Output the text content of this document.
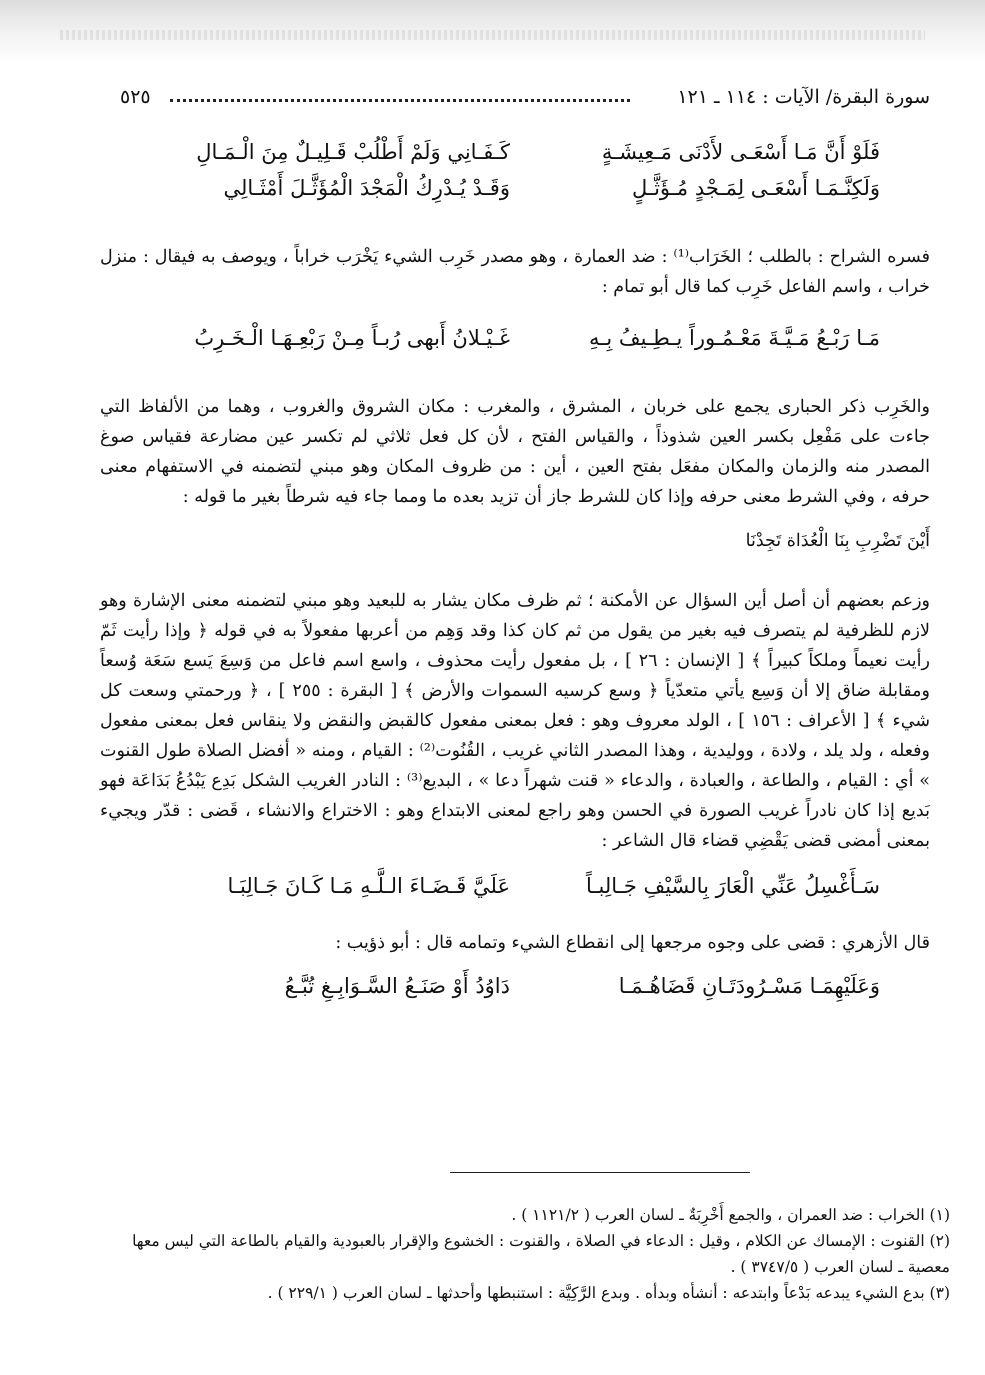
سورة البقرة/ الآيات : ١١٤ ـ ١٢١
٥٢٥
فَلَوْ أَنَّ مَـا أَسْعَـى لأَدْنَى مَـعِيشَـةٍ
كَـفَـانِي وَلَمْ أَطْلُبْ قَـلِيـلٌ مِنَ الْـمَـالِ
وَلَكِنَّـمَـا أَسْعَـى لِمَـجْدٍ مُـؤَثَّـلٍ
وَقَـدْ يُـدْرِكُ الْمَجْدَ الْمُؤَثَّـلَ أَمْثَـالِي

فسره الشراح : بالطلب ؛ الخَرَاب⁽¹⁾ : ضد العمارة ، وهو مصدر خَرِب الشيء يَخْرَب خراباً ، ويوصف به فيقال : منزل خراب ، واسم الفاعل خَرِب كما قال أبو تمام :

مَـا رَبْـعُ مَـيَّـةَ مَعْـمُـوراً يـطِـيفُ بِـهِ
غَـيْـلانُ أَبهى رُبـاً مِـنْ رَبْعِـهَـا الْـخَـرِبُ

والخَرِب ذكر الحبارى يجمع على خربان ، المشرق ، والمغرب : مكان الشروق والغروب ، وهما من الألفاظ التي جاءت على مَفْعِل بكسر العين شذوذاً ، والقياس الفتح ، لأن كل فعل ثلاثي لم تكسر عين مضارعة فقياس صوغ المصدر منه والزمان والمكان مفعَل بفتح العين ، أين : من ظروف المكان وهو مبني لتضمنه في الاستفهام معنى حرفه ، وفي الشرط معنى حرفه وإذا كان للشرط جاز أن تزيد بعده ما ومما جاء فيه شرطاً بغير ما قوله :

أَيْنَ تَضْرِبِ بِنَا الْعُدَاة تَجِدْنَا

وزعم بعضهم أن أصل أين السؤال عن الأمكنة ؛ ثم ظرف مكان يشار به للبعيد وهو مبني لتضمنه معنى الإشارة وهو لازم للظرفية لم يتصرف فيه بغير من يقول من ثم كان كذا وقد وَهِم من أعربها مفعولاً به في قوله ﴿ وإذا رأيت ثَمّ رأيت نعيماً وملكاً كبيراً ﴾ [ الإنسان : ٢٦ ] ، بل مفعول رأيت محذوف ، واسع اسم فاعل من وَسِعَ يَسع سَعَة وُسعاً ومقابلة ضاق إلا أن وَسِع يأتي متعدّياً ﴿ وسع كرسيه السموات والأرض ﴾ [ البقرة : ٢٥٥ ] ، ﴿ ورحمتي وسعت كل شيء ﴾ [ الأعراف : ١٥٦ ] ، الولد معروف وهو : فعل بمعنى مفعول كالقبض والنقض ولا ينقاس فعل بمعنى مفعول وفعله ، ولد يلد ، ولادة ، ووليدية ، وهذا المصدر الثاني غريب ، القُنُوت⁽²⁾ : القيام ، ومنه « أفضل الصلاة طول القنوت » أي : القيام ، والطاعة ، والعبادة ، والدعاء « قنت شهراً دعا » ، البديع⁽³⁾ : النادر الغريب الشكل بَدِع يَبْدُعُ بَدَاعَة فهو بَديع إذا كان نادراً غريب الصورة في الحسن وهو راجع لمعنى الابتداع وهو : الاختراع والانشاء ، قَضى : قدّر ويجيء بمعنى أمضى قضى يَقْضِي قضاء قال الشاعر :

سَـأَغْسِلُ عَنِّي الْعَارَ بِالسَّيْفِ جَـالِبـاً
عَلَيَّ قَـضَـاءَ الـلَّـهِ مَـا كَـانَ جَـالِبَـا

قال الأزهري : قضى على وجوه مرجعها إلى انقطاع الشيء وتمامه قال : أبو ذؤيب :

وَعَلَيْهِمَـا مَسْـرُودَتَـانِ قَضَاهُـمَـا
دَاوُدُ أَوْ صَنَـعُ السَّـوَابِـغِ تُبَّـعُ

(١) الخراب : ضد العمران ، والجمع أَخْرِبَةٌ ـ لسان العرب ( ١١٢١/٢ ) .

(٢) القنوت : الإمساك عن الكلام ، وقيل : الدعاء في الصلاة ، والقنوت : الخشوع والإقرار بالعبودية والقيام بالطاعة التي ليس معها

معصية ـ لسان العرب ( ٣٧٤٧/٥ ) .

(٣) بدع الشيء يبدعه بَدْعاً وابتدعه : أنشأه وبدأه . وبدع الرَّكِيَّة : استنبطها وأحدثها ـ لسان العرب ( ٢٢٩/١ ) .
